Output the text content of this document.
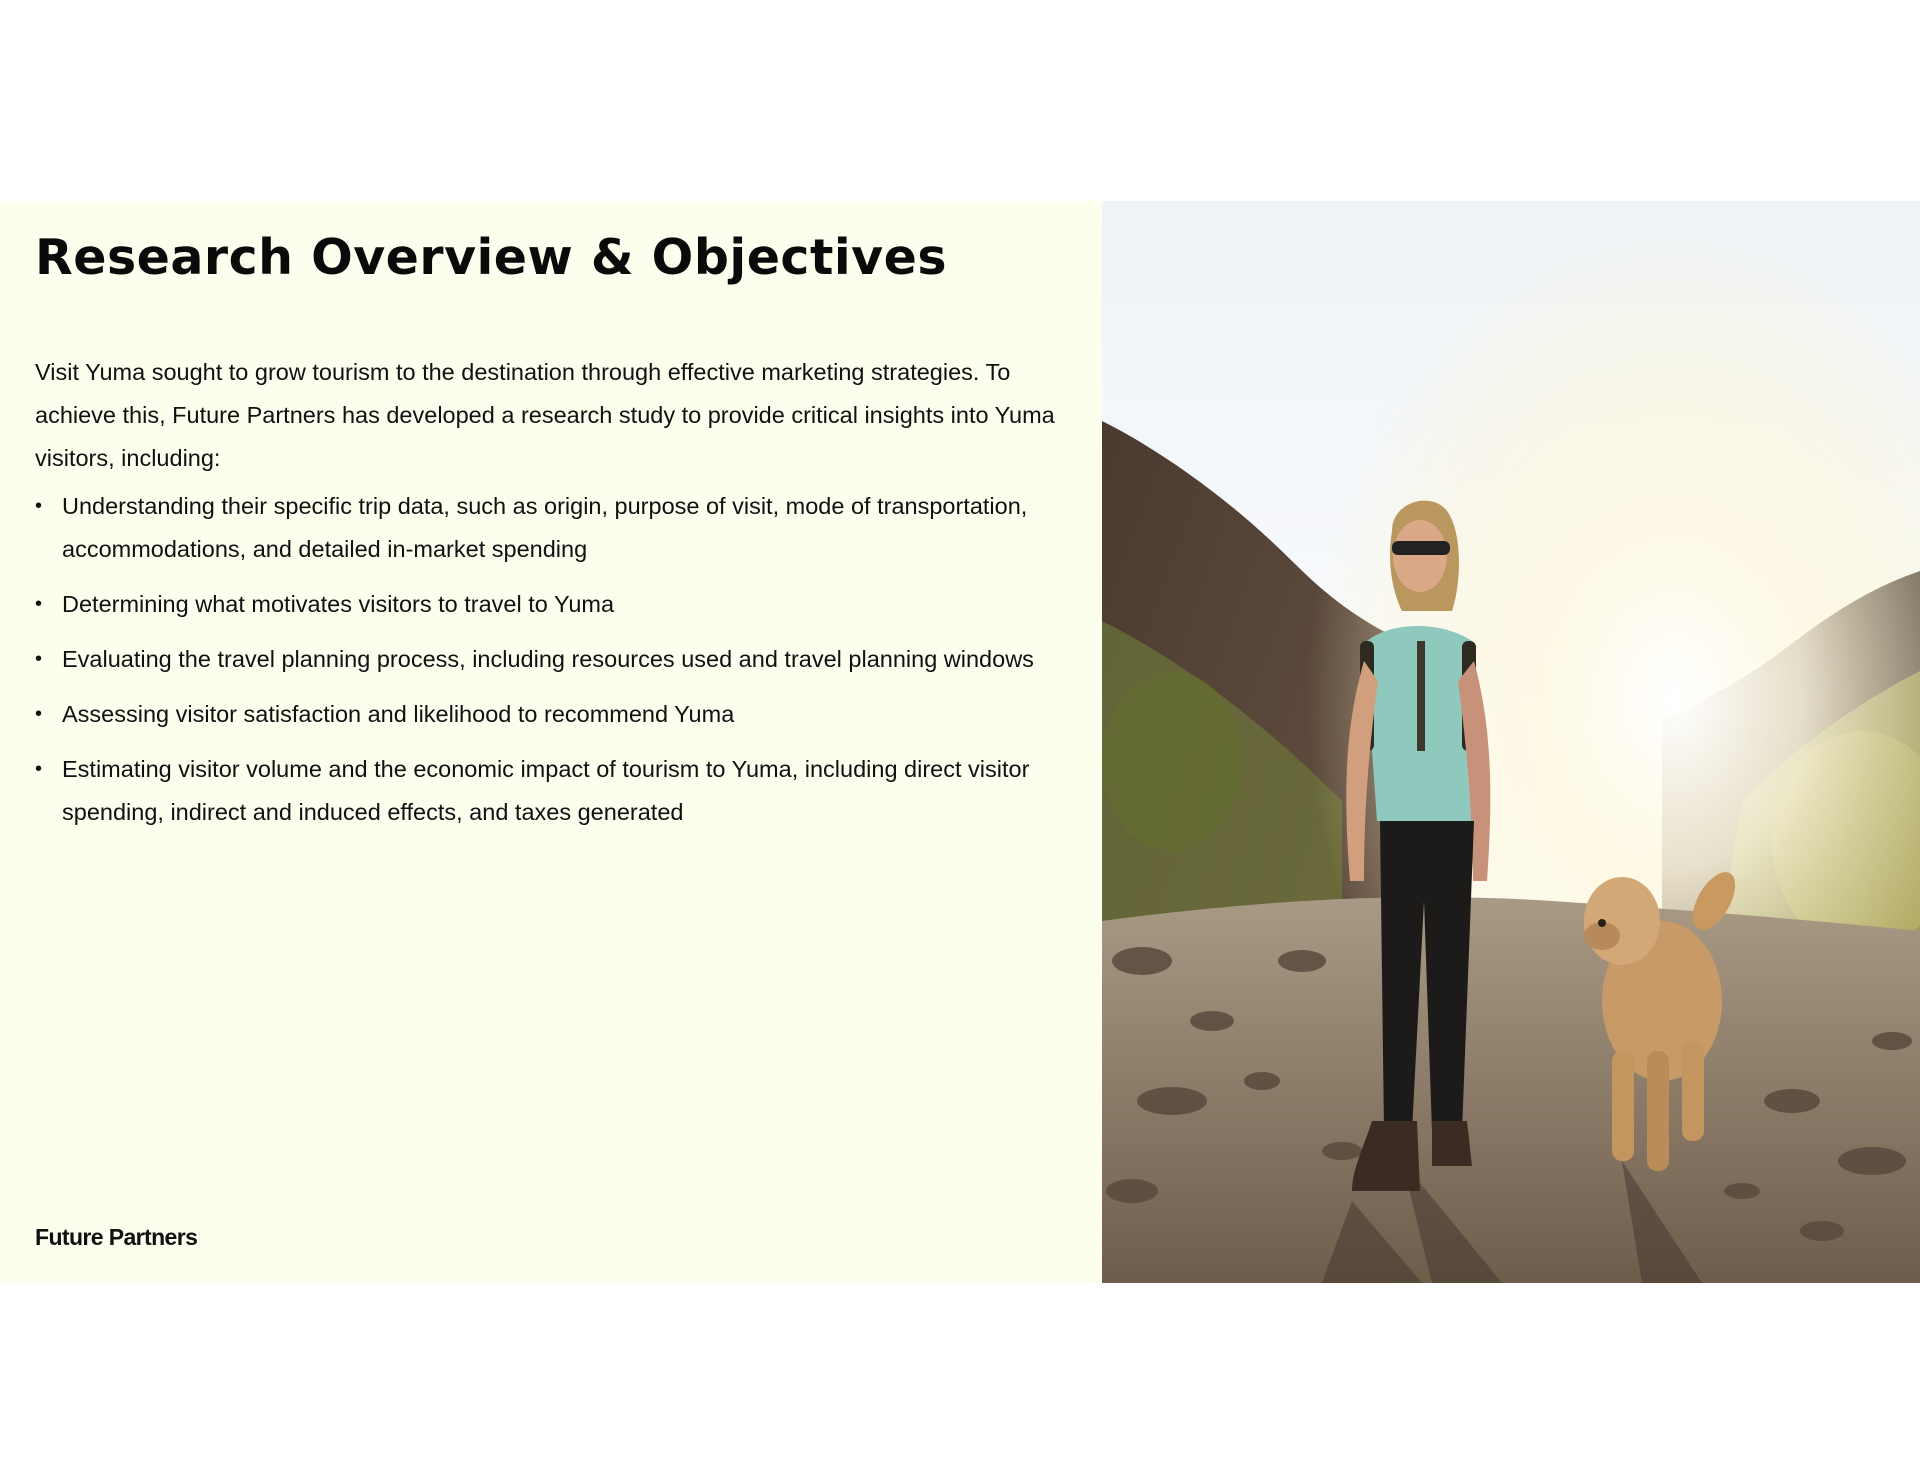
Research Overview & Objectives

Visit Yuma sought to grow tourism to the destination through effective marketing strategies. To achieve this, Future Partners has developed a research study to provide critical insights into Yuma visitors, including:

• Understanding their specific trip data, such as origin, purpose of visit, mode of transportation, accommodations, and detailed in-market spending
• Determining what motivates visitors to travel to Yuma
• Evaluating the travel planning process, including resources used and travel planning windows
• Assessing visitor satisfaction and likelihood to recommend Yuma
• Estimating visitor volume and the economic impact of tourism to Yuma, including direct visitor spending, indirect and induced effects, and taxes generated
Future Partners
